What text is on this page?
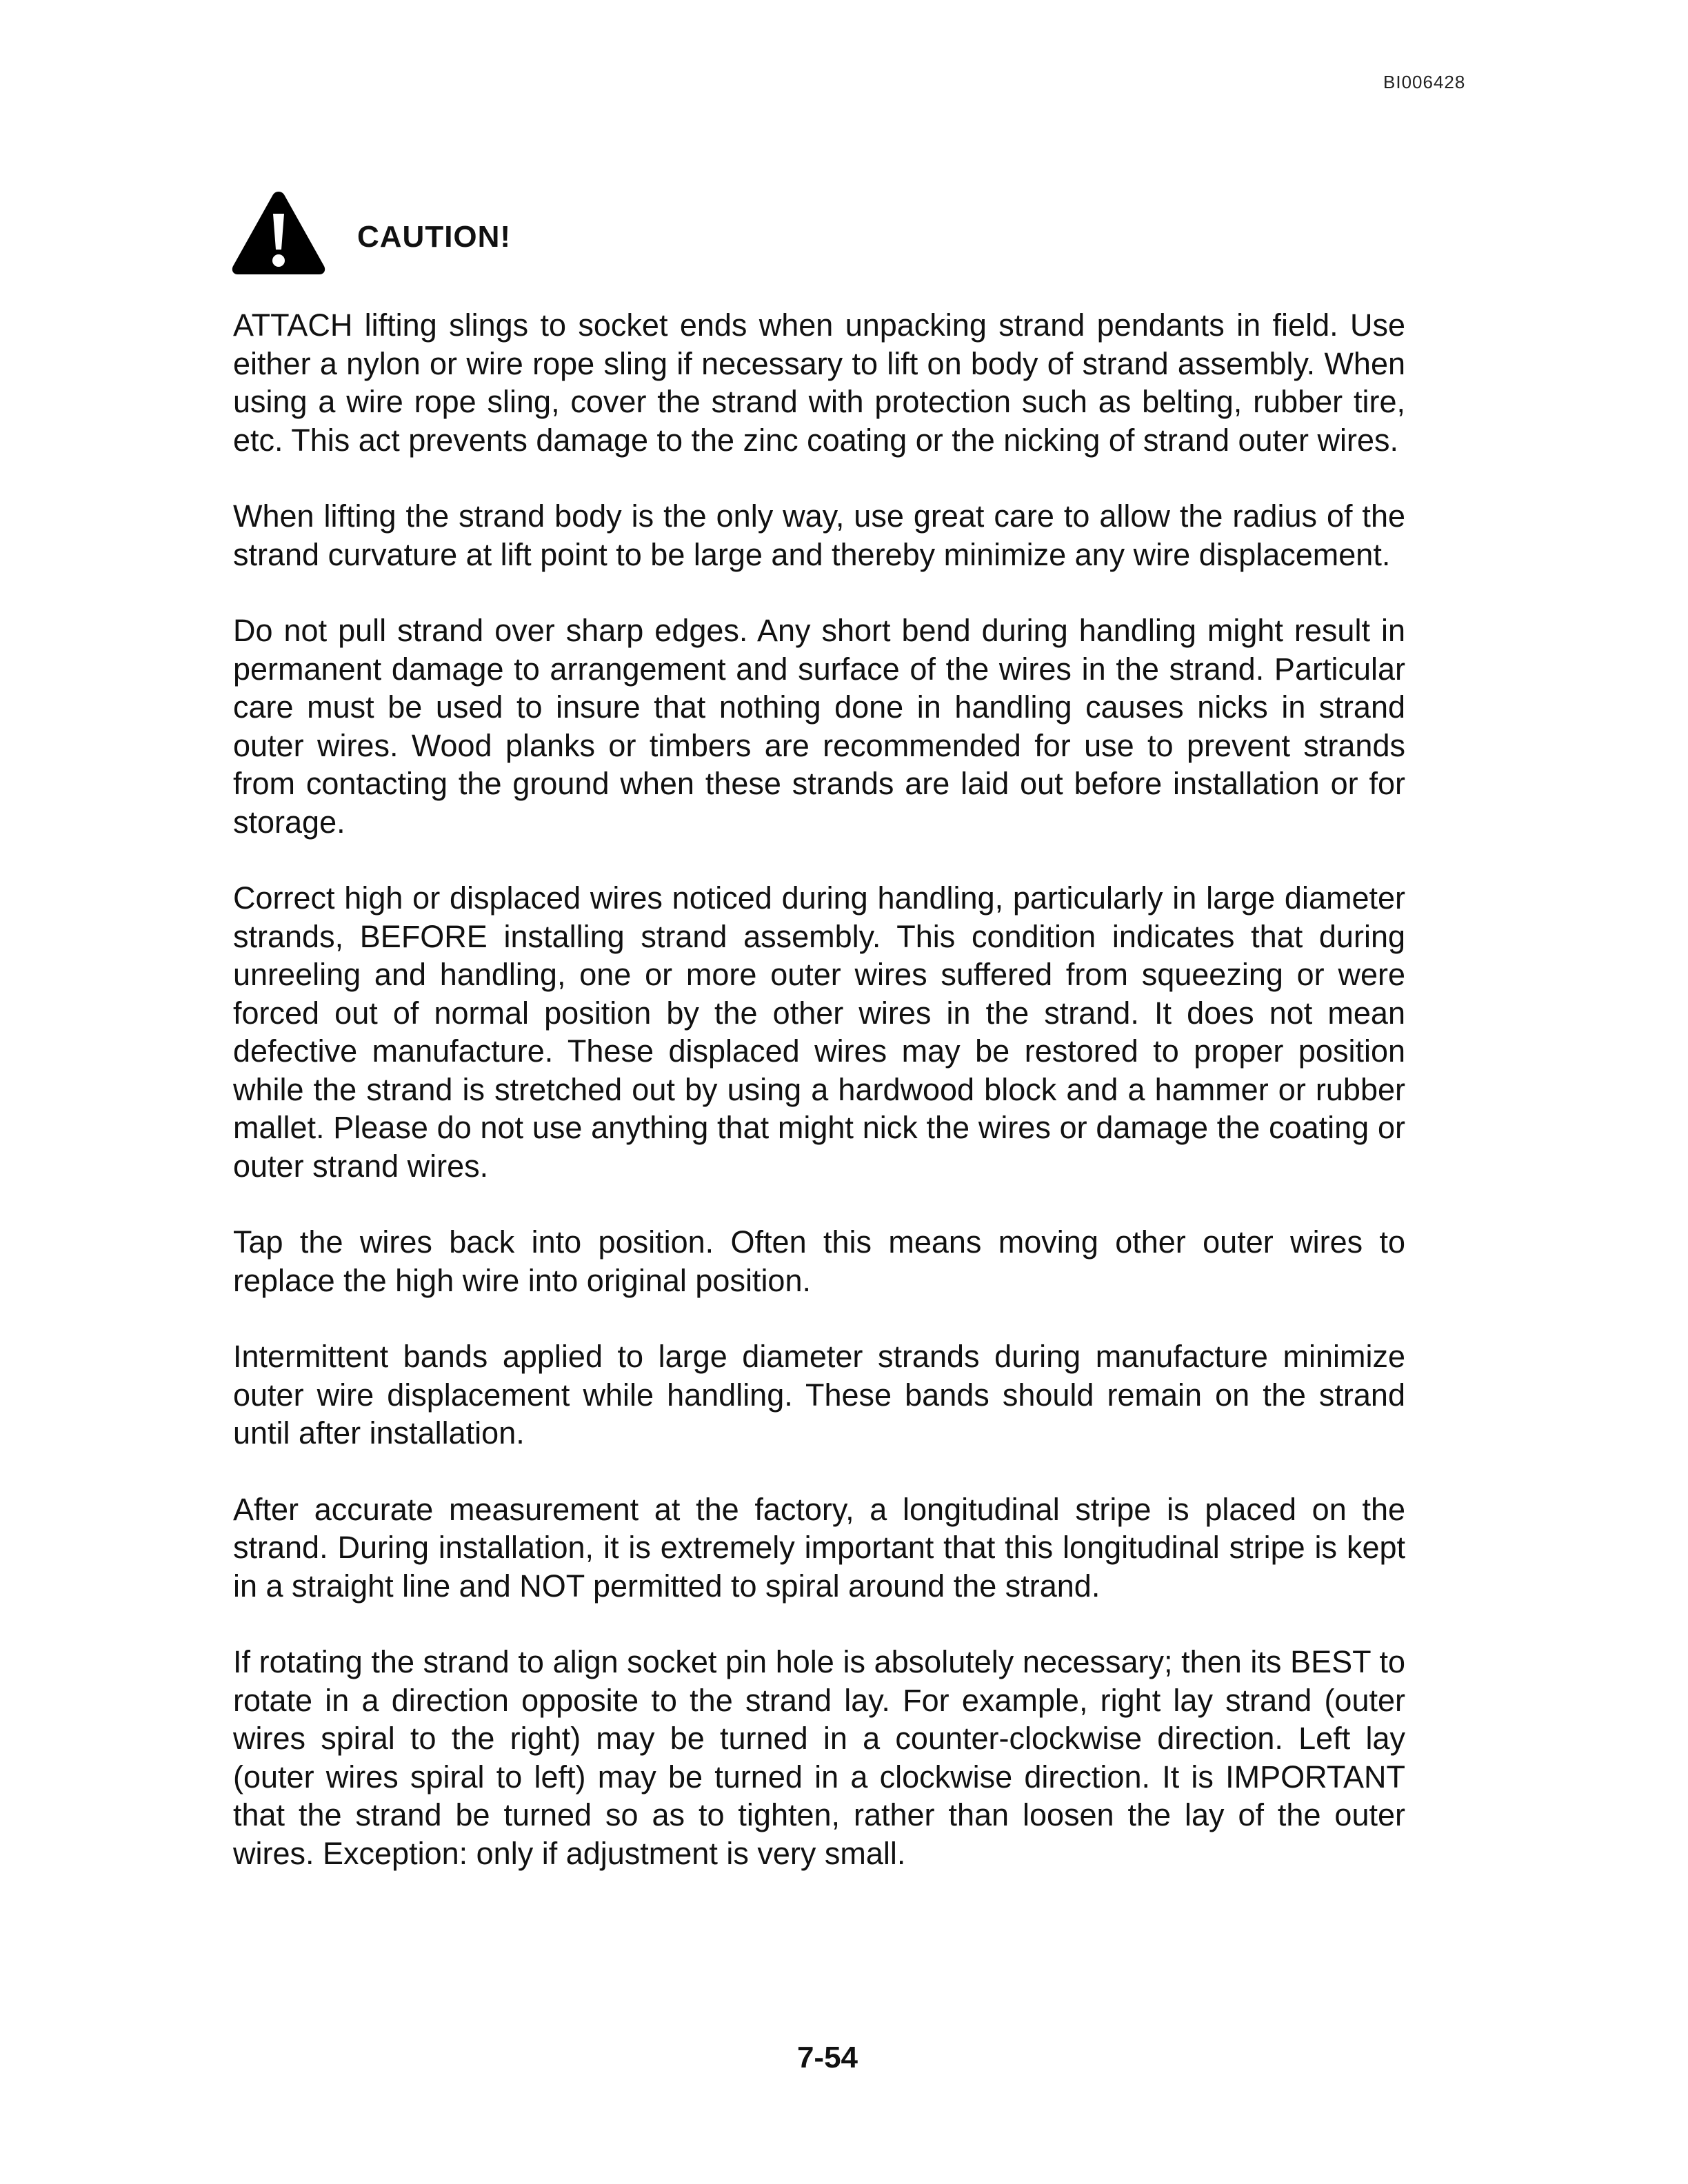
BI006428
CAUTION!

ATTACH lifting slings to socket ends when unpacking strand pendants in field. Use either a nylon or wire rope sling if necessary to lift on body of strand assembly. When using a wire rope sling, cover the strand with protection such as belting, rubber tire, etc. This act prevents damage to the zinc coating or the nicking of strand outer wires.

When lifting the strand body is the only way, use great care to allow the radius of the strand curvature at lift point to be large and thereby minimize any wire displacement.

Do not pull strand over sharp edges. Any short bend during handling might result in permanent damage to arrangement and surface of the wires in the strand. Particular care must be used to insure that nothing done in handling causes nicks in strand outer wires. Wood planks or timbers are recommended for use to prevent strands from contacting the ground when these strands are laid out before installation or for storage.

Correct high or displaced wires noticed during handling, particularly in large diameter strands, BEFORE installing strand assembly. This condition indicates that during unreeling and handling, one or more outer wires suffered from squeezing or were forced out of normal position by the other wires in the strand. It does not mean defective manufacture. These displaced wires may be restored to proper position while the strand is stretched out by using a hardwood block and a hammer or rubber mallet. Please do not use anything that might nick the wires or damage the coating or outer strand wires.

Tap the wires back into position. Often this means moving other outer wires to replace the high wire into original position.

Intermittent bands applied to large diameter strands during manufacture minimize outer wire displacement while handling. These bands should remain on the strand until after installation.

After accurate measurement at the factory, a longitudinal stripe is placed on the strand. During installation, it is extremely important that this longitudinal stripe is kept in a straight line and NOT permitted to spiral around the strand.

If rotating the strand to align socket pin hole is absolutely necessary; then its BEST to rotate in a direction opposite to the strand lay. For example, right lay strand (outer wires spiral to the right) may be turned in a counter-clockwise direction. Left lay (outer wires spiral to left) may be turned in a clockwise direction. It is IMPORTANT that the strand be turned so as to tighten, rather than loosen the lay of the outer wires. Exception: only if adjustment is very small.

7-54
